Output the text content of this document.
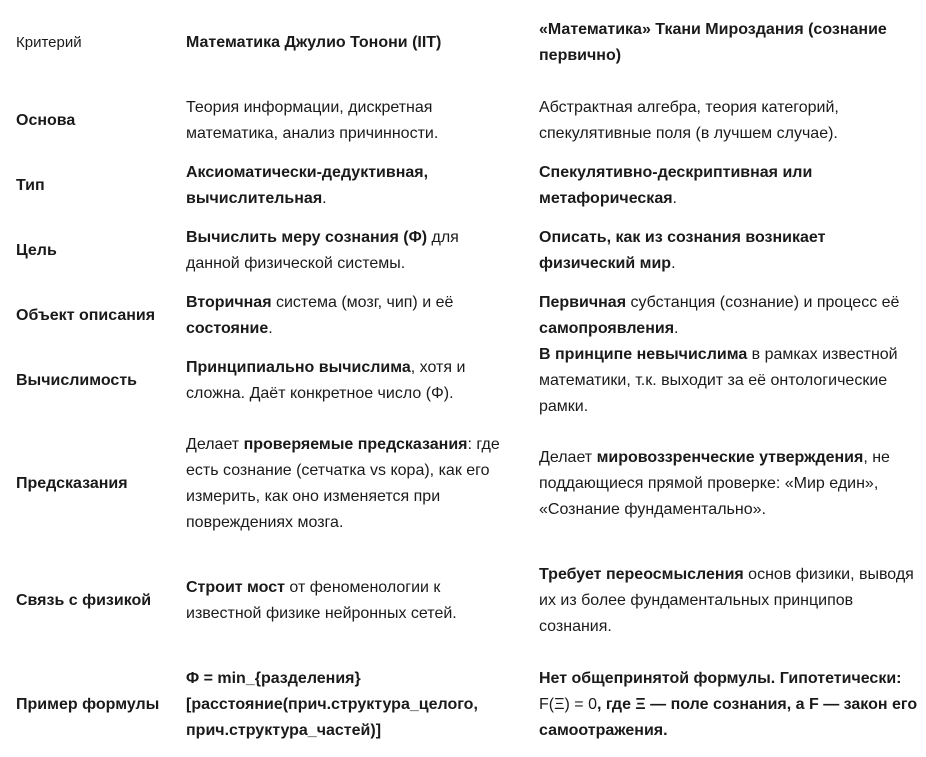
Критерий	Математика Джулио Тонони (IIT)
«Математика» Ткани Мироздания (сознание первично)
Основа
Теория информации, дискретная математика, анализ причинности.
Абстрактная алгебра, теория категорий, спекулятивные поля (в лучшем случае).
Тип
Аксиоматически-дедуктивная, вычислительная.
Спекулятивно-дескриптивная или метафорическая.
Цель
Вычислить меру сознания (Φ) для данной физической системы.
Описать, как из сознания возникает физический мир.
Объект описания
Вторичная система (мозг, чип) и её состояние.
Первичная субстанция (сознание) и процесс её самопроявления.
Вычислимость
Принципиально вычислима, хотя и сложна. Даёт конкретное число (Φ).
В принципе невычислима в рамках известной математики, т.к. выходит за её онтологические рамки.
Предсказания
Делает проверяемые предсказания: где есть сознание (сетчатка vs кора), как его измерить, как оно изменяется при повреждениях мозга.
Делает мировоззренческие утверждения, не поддающиеся прямой проверке: «Мир един», «Сознание фундаментально».
Связь с физикой
Строит мост от феноменологии к известной физике нейронных сетей.
Требует переосмысления основ физики, выводя их из более фундаментальных принципов сознания.
Пример формулы
Φ = min_{разделения} [расстояние(прич.структура_целого, прич.структура_частей)]
Нет общепринятой формулы. Гипотетически: F(Ξ) = 0, где Ξ — поле сознания, а F — закон его самоотражения.
